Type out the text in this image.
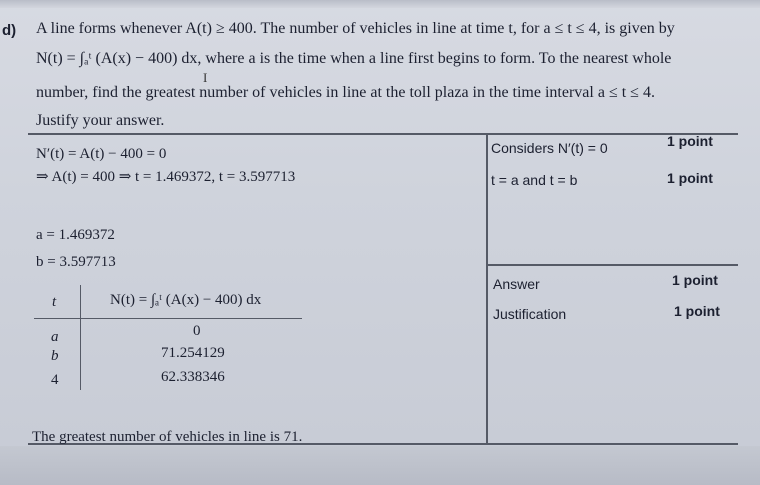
d) A line forms whenever A(t) ≥ 400. The number of vehicles in line at time t, for a ≤ t ≤ 4, is given by
N(t) = ∫ₐᵗ (A(x) − 400) dx, where a is the time when a line first begins to form. To the nearest whole
number, find the greatest number of vehicles in line at the toll plaza in the time interval a ≤ t ≤ 4.
Justify your answer.
I
N′(t) = A(t) − 400 = 0
⇒ A(t) = 400 ⇒ t = 1.469372, t = 3.597713
a = 1.469372
b = 3.597713
t	N(t) = ∫ₐᵗ (A(x) − 400) dx
a	0
b	71.254129
4	62.338346
The greatest number of vehicles in line is 71.
Considers N′(t) = 0	1 point
t = a and t = b	1 point
Answer	1 point
Justification	1 point
